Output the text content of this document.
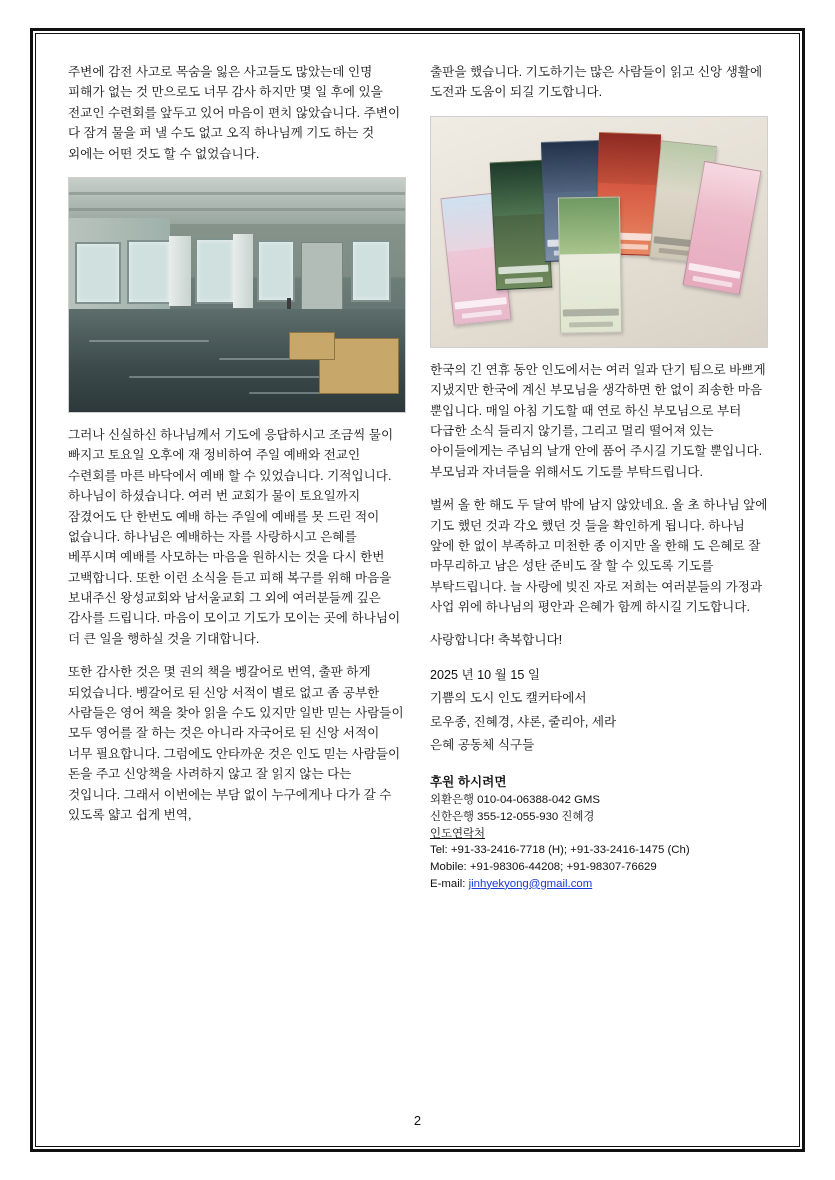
주변에 감전 사고로 목숨을 잃은 사고들도 많았는데 인명 피해가 없는 것 만으로도 너무 감사 하지만 몇 일 후에 있을 전교인 수련회를 앞두고 있어 마음이 편치 않았습니다. 주변이 다 잠겨 물을 퍼 낼 수도 없고 오직 하나님께 기도 하는 것 외에는 어떤 것도 할 수 없었습니다.

그러나 신실하신 하나님께서 기도에 응답하시고 조금씩 물이 빠지고 토요일 오후에 재 정비하여 주일 예배와 전교인 수련회를 마른 바닥에서 예배 할 수 있었습니다. 기적입니다. 하나님이 하셨습니다. 여러 번 교회가 물이 토요일까지 잠겼어도 단 한번도 예배 하는 주일에 예배를 못 드린 적이 없습니다. 하나님은 예배하는 자를 사랑하시고 은혜를 베푸시며 예배를 사모하는 마음을 원하시는 것을 다시 한번 고백합니다. 또한 이런 소식을 듣고 피해 복구를 위해 마음을 보내주신 왕성교회와 남서울교회 그 외에 여러분들께 깊은 감사를 드립니다. 마음이 모이고 기도가 모이는 곳에 하나님이 더 큰 일을 행하실 것을 기대합니다.

또한 감사한 것은 몇 권의 책을 벵갈어로 번역, 출판 하게 되었습니다. 벵갈어로 된 신앙 서적이 별로 없고 좀 공부한 사람들은 영어 책을 찾아 읽을 수도 있지만 일반 믿는 사람들이 모두 영어를 잘 하는 것은 아니라 자국어로 된 신앙 서적이 너무 필요합니다. 그럼에도 안타까운 것은 인도 믿는 사람들이 돈을 주고 신앙책을 사려하지 않고 잘 읽지 않는 다는 것입니다. 그래서 이번에는 부담 없이 누구에게나 다가 갈 수 있도록 얇고 쉽게 번역,

출판을 했습니다. 기도하기는 많은 사람들이 읽고 신앙 생활에 도전과 도움이 되길 기도합니다.

한국의 긴 연휴 동안 인도에서는 여러 일과 단기 팀으로 바쁘게 지냈지만 한국에 계신 부모님을 생각하면 한 없이 죄송한 마음 뿐입니다. 매일 아침 기도할 때 연로 하신 부모님으로 부터 다급한 소식 들리지 않기를, 그리고 멀리 떨어져 있는 아이들에게는 주님의 날개 안에 품어 주시길 기도할 뿐입니다. 부모님과 자녀들을 위해서도 기도를 부탁드립니다.

벌써 올 한 해도 두 달여 밖에 남지 않았네요. 올 초 하나님 앞에 기도 했던 것과 각오 했던 것 들을 확인하게 됩니다. 하나님 앞에 한 없이 부족하고 미천한 종 이지만 올 한해 도 은혜로 잘 마무리하고 남은 성탄 준비도 잘 할 수 있도록 기도를 부탁드립니다. 늘 사랑에 빚진 자로 저희는 여러분들의 가정과 사업 위에 하나님의 평안과 은혜가 함께 하시길 기도합니다.

사랑합니다! 축복합니다!

2025 년 10 월 15 일

기쁨의 도시 인도 캘커타에서

로우종, 진혜경, 샤론, 줄리아, 세라

은혜 공동체 식구들

후원 하시려면

외환은행 010-04-06388-042 GMS

신한은행 355-12-055-930 진혜경

인도연락처

Tel: +91-33-2416-7718 (H); +91-33-2416-1475 (Ch)

Mobile: +91-98306-44208; +91-98307-76629

E-mail: jinhyekyong@gmail.com

2
